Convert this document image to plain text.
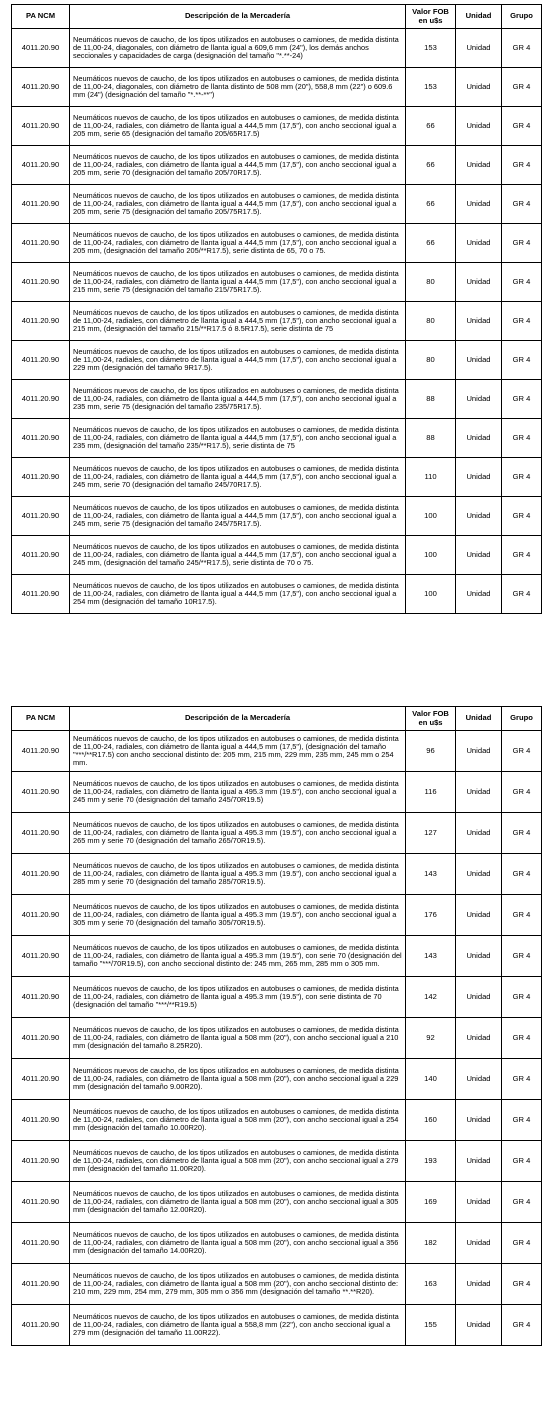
PA NCM	Descripción de la Mercadería	Valor FOB en u$s	Unidad	Grupo
4011.20.90	Neumáticos nuevos de caucho, de los tipos utilizados en autobuses o camiones, de medida distinta de 11,00-24, diagonales, con diámetro de llanta igual a 609,6 mm (24"), los demás anchos seccionales y capacidades de carga (designación del tamaño "*.**-24)	153	Unidad	GR 4
4011.20.90	Neumáticos nuevos de caucho, de los tipos utilizados en autobuses o camiones, de medida distinta de 11,00-24, diagonales, con diámetro de llanta distinto de 508 mm (20"), 558,8 mm (22") o 609.6 mm (24") (designación del tamaño "*.**-**")	153	Unidad	GR 4
4011.20.90	Neumáticos nuevos de caucho, de los tipos utilizados en autobuses o camiones, de medida distinta de 11,00-24, radiales, con diámetro de llanta igual a 444,5 mm (17,5"), con ancho seccional igual a 205 mm, serie 65 (designación del tamaño 205/65R17.5)	66	Unidad	GR 4
4011.20.90	Neumáticos nuevos de caucho, de los tipos utilizados en autobuses o camiones, de medida distinta de 11,00-24, radiales, con diámetro de llanta igual a 444,5 mm (17,5"), con ancho seccional igual a 205 mm, serie 70 (designación del tamaño 205/70R17.5).	66	Unidad	GR 4
4011.20.90	Neumáticos nuevos de caucho, de los tipos utilizados en autobuses o camiones, de medida distinta de 11,00-24, radiales, con diámetro de llanta igual a 444,5 mm (17,5"), con ancho seccional igual a 205 mm, serie 75 (designación del tamaño 205/75R17.5).	66	Unidad	GR 4
4011.20.90	Neumáticos nuevos de caucho, de los tipos utilizados en autobuses o camiones, de medida distinta de 11,00-24, radiales, con diámetro de llanta igual a 444,5 mm (17,5"), con ancho seccional igual a 205 mm, (designación del tamaño 205/**R17.5), serie distinta de 65, 70 o 75.	66	Unidad	GR 4
4011.20.90	Neumáticos nuevos de caucho, de los tipos utilizados en autobuses o camiones, de medida distinta de 11,00-24, radiales, con diámetro de llanta igual a 444,5 mm (17,5"), con ancho seccional igual a 215 mm, serie 75 (designación del tamaño 215/75R17.5).	80	Unidad	GR 4
4011.20.90	Neumáticos nuevos de caucho, de los tipos utilizados en autobuses o camiones, de medida distinta de 11,00-24, radiales, con diámetro de llanta igual a 444,5 mm (17,5"), con ancho seccional igual a 215 mm, (designación del tamaño 215/**R17.5 ó 8.5R17.5), serie distinta de 75	80	Unidad	GR 4
4011.20.90	Neumáticos nuevos de caucho, de los tipos utilizados en autobuses o camiones, de medida distinta de 11,00-24, radiales, con diámetro de llanta igual a 444,5 mm (17,5"), con ancho seccional igual a 229 mm (designación del tamaño 9R17.5).	80	Unidad	GR 4
4011.20.90	Neumáticos nuevos de caucho, de los tipos utilizados en autobuses o camiones, de medida distinta de 11,00-24, radiales, con diámetro de llanta igual a 444,5 mm (17,5"), con ancho seccional igual a 235 mm, serie 75 (designación del tamaño 235/75R17.5).	88	Unidad	GR 4
4011.20.90	Neumáticos nuevos de caucho, de los tipos utilizados en autobuses o camiones, de medida distinta de 11,00-24, radiales, con diámetro de llanta igual a 444,5 mm (17,5"), con ancho seccional igual a 235 mm, (designación del tamaño 235/**R17.5), serie distinta de 75	88	Unidad	GR 4
4011.20.90	Neumáticos nuevos de caucho, de los tipos utilizados en autobuses o camiones, de medida distinta de 11,00-24, radiales, con diámetro de llanta igual a 444,5 mm (17,5"), con ancho seccional igual a 245 mm, serie 70 (designación del tamaño 245/70R17.5).	110	Unidad	GR 4
4011.20.90	Neumáticos nuevos de caucho, de los tipos utilizados en autobuses o camiones, de medida distinta de 11,00-24, radiales, con diámetro de llanta igual a 444,5 mm (17,5"), con ancho seccional igual a 245 mm, serie 75 (designación del tamaño 245/75R17.5).	100	Unidad	GR 4
4011.20.90	Neumáticos nuevos de caucho, de los tipos utilizados en autobuses o camiones, de medida distinta de 11,00-24, radiales, con diámetro de llanta igual a 444,5 mm (17,5"), con ancho seccional igual a 245 mm, (designación del tamaño 245/**R17.5), serie distinta de 70 o 75.	100	Unidad	GR 4
4011.20.90	Neumáticos nuevos de caucho, de los tipos utilizados en autobuses o camiones, de medida distinta de 11,00-24, radiales, con diámetro de llanta igual a 444,5 mm (17,5"), con ancho seccional igual a 254 mm (designación del tamaño 10R17.5).	100	Unidad	GR 4
PA NCM	Descripción de la Mercadería	Valor FOB en u$s	Unidad	Grupo
4011.20.90	Neumáticos nuevos de caucho, de los tipos utilizados en autobuses o camiones, de medida distinta de 11,00-24, radiales, con diámetro de llanta igual a 444,5 mm (17,5"), (designación del tamaño "***/**R17.5) con ancho seccional distinto de: 205 mm, 215 mm, 229 mm, 235 mm, 245 mm o 254 mm.	96	Unidad	GR 4
4011.20.90	Neumáticos nuevos de caucho, de los tipos utilizados en autobuses o camiones, de medida distinta de 11,00-24, radiales, con diámetro de llanta igual a 495.3 mm (19.5"), con ancho seccional igual a 245 mm y serie 70 (designación del tamaño 245/70R19.5)	116	Unidad	GR 4
4011.20.90	Neumáticos nuevos de caucho, de los tipos utilizados en autobuses o camiones, de medida distinta de 11,00-24, radiales, con diámetro de llanta igual a 495.3 mm (19.5"), con ancho seccional igual a 265 mm y serie 70 (designación del tamaño 265/70R19.5).	127	Unidad	GR 4
4011.20.90	Neumáticos nuevos de caucho, de los tipos utilizados en autobuses o camiones, de medida distinta de 11,00-24, radiales, con diámetro de llanta igual a 495.3 mm (19.5"), con ancho seccional igual a 285 mm y serie 70 (designación del tamaño 285/70R19.5).	143	Unidad	GR 4
4011.20.90	Neumáticos nuevos de caucho, de los tipos utilizados en autobuses o camiones, de medida distinta de 11,00-24, radiales, con diámetro de llanta igual a 495.3 mm (19.5"), con ancho seccional igual a 305 mm y serie 70 (designación del tamaño 305/70R19.5).	176	Unidad	GR 4
4011.20.90	Neumáticos nuevos de caucho, de los tipos utilizados en autobuses o camiones, de medida distinta de 11,00-24, radiales, con diámetro de llanta igual a 495.3 mm (19.5"), con serie 70 (designación del tamaño "***/70R19.5), con ancho seccional distinto de: 245 mm, 265 mm, 285 mm o 305 mm.	143	Unidad	GR 4
4011.20.90	Neumáticos nuevos de caucho, de los tipos utilizados en autobuses o camiones, de medida distinta de 11,00-24, radiales, con diámetro de llanta igual a 495.3 mm (19.5"), con serie distinta de 70 (designación del tamaño "***/**R19.5)	142	Unidad	GR 4
4011.20.90	Neumáticos nuevos de caucho, de los tipos utilizados en autobuses o camiones, de medida distinta de 11,00-24, radiales, con diámetro de llanta igual a 508 mm (20"), con ancho seccional igual a 210 mm (designación del tamaño 8.25R20).	92	Unidad	GR 4
4011.20.90	Neumáticos nuevos de caucho, de los tipos utilizados en autobuses o camiones, de medida distinta de 11,00-24, radiales, con diámetro de llanta igual a 508 mm (20"), con ancho seccional igual a 229 mm (designación del tamaño 9.00R20).	140	Unidad	GR 4
4011.20.90	Neumáticos nuevos de caucho, de los tipos utilizados en autobuses o camiones, de medida distinta de 11,00-24, radiales, con diámetro de llanta igual a 508 mm (20"), con ancho seccional igual a 254 mm (designación del tamaño 10.00R20).	160	Unidad	GR 4
4011.20.90	Neumáticos nuevos de caucho, de los tipos utilizados en autobuses o camiones, de medida distinta de 11,00-24, radiales, con diámetro de llanta igual a 508 mm (20"), con ancho seccional igual a 279 mm (designación del tamaño 11.00R20).	193	Unidad	GR 4
4011.20.90	Neumáticos nuevos de caucho, de los tipos utilizados en autobuses o camiones, de medida distinta de 11,00-24, radiales, con diámetro de llanta igual a 508 mm (20"), con ancho seccional igual a 305 mm (designación del tamaño 12.00R20).	169	Unidad	GR 4
4011.20.90	Neumáticos nuevos de caucho, de los tipos utilizados en autobuses o camiones, de medida distinta de 11,00-24, radiales, con diámetro de llanta igual a 508 mm (20"), con ancho seccional igual a 356 mm (designación del tamaño 14.00R20).	182	Unidad	GR 4
4011.20.90	Neumáticos nuevos de caucho, de los tipos utilizados en autobuses o camiones, de medida distinta de 11,00-24, radiales, con diámetro de llanta igual a 508 mm (20"), con ancho seccional distinto de: 210 mm, 229 mm, 254 mm, 279 mm, 305 mm o 356 mm (designación del tamaño **.**R20).	163	Unidad	GR 4
4011.20.90	Neumáticos nuevos de caucho, de los tipos utilizados en autobuses o camiones, de medida distinta de 11,00-24, radiales, con diámetro de llanta igual a 558,8 mm (22"), con ancho seccional igual a 279 mm (designación del tamaño 11.00R22).	155	Unidad	GR 4
